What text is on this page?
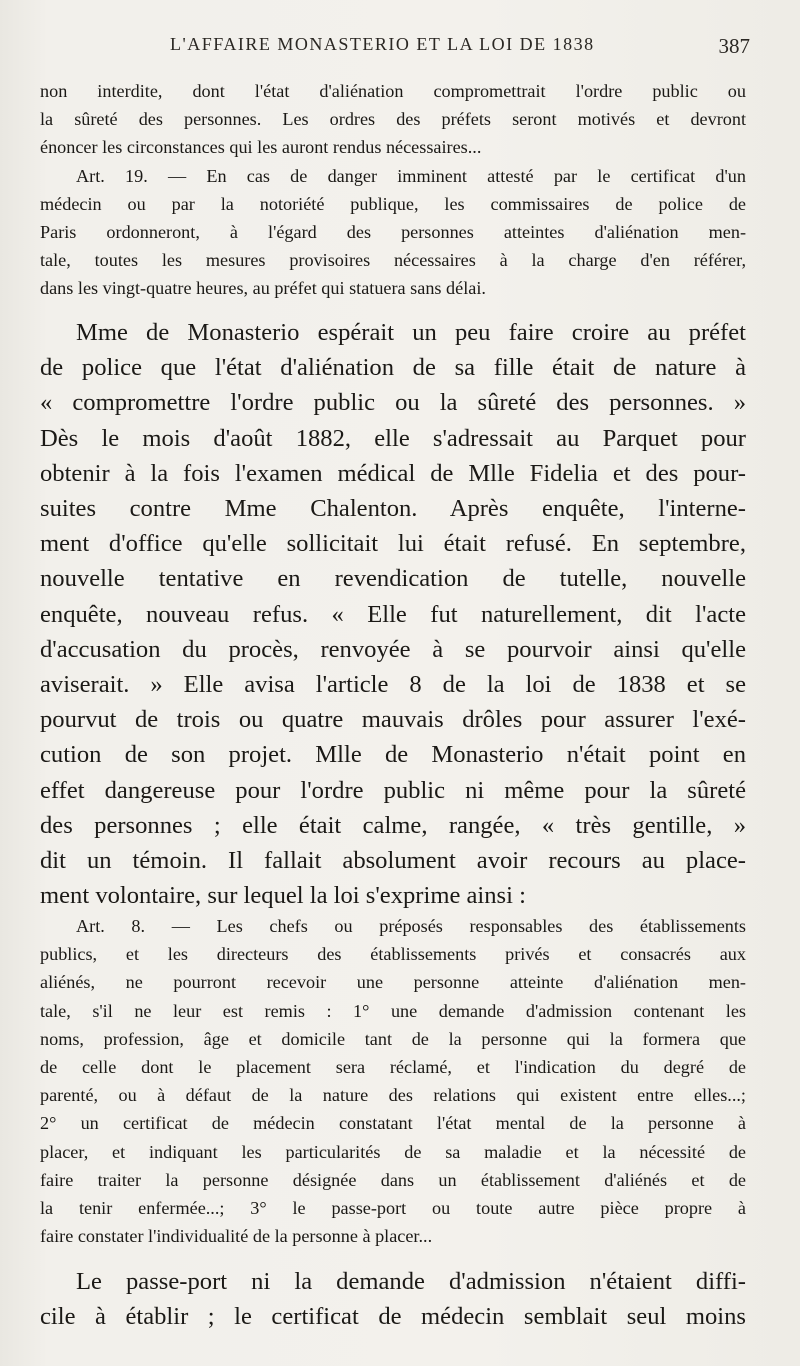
L'AFFAIRE MONASTERIO ET LA LOI DE 1838	387
non interdite, dont l'état d'aliénation compromettrait l'ordre public ou
la sûreté des personnes. Les ordres des préfets seront motivés et devront
énoncer les circonstances qui les auront rendus nécessaires...
Art. 19. — En cas de danger imminent attesté par le certificat d'un
médecin ou par la notoriété publique, les commissaires de police de
Paris ordonneront, à l'égard des personnes atteintes d'aliénation men-
tale, toutes les mesures provisoires nécessaires à la charge d'en référer,
dans les vingt-quatre heures, au préfet qui statuera sans délai.
Mme de Monasterio espérait un peu faire croire au préfet
de police que l'état d'aliénation de sa fille était de nature à
« compromettre l'ordre public ou la sûreté des personnes. »
Dès le mois d'août 1882, elle s'adressait au Parquet pour
obtenir à la fois l'examen médical de Mlle Fidelia et des pour-
suites contre Mme Chalenton. Après enquête, l'interne-
ment d'office qu'elle sollicitait lui était refusé. En septembre,
nouvelle tentative en revendication de tutelle, nouvelle
enquête, nouveau refus. « Elle fut naturellement, dit l'acte
d'accusation du procès, renvoyée à se pourvoir ainsi qu'elle
aviserait. » Elle avisa l'article 8 de la loi de 1838 et se
pourvut de trois ou quatre mauvais drôles pour assurer l'exé-
cution de son projet. Mlle de Monasterio n'était point en
effet dangereuse pour l'ordre public ni même pour la sûreté
des personnes ; elle était calme, rangée, « très gentille, »
dit un témoin. Il fallait absolument avoir recours au place-
ment volontaire, sur lequel la loi s'exprime ainsi :
Art. 8. — Les chefs ou préposés responsables des établissements
publics, et les directeurs des établissements privés et consacrés aux
aliénés, ne pourront recevoir une personne atteinte d'aliénation men-
tale, s'il ne leur est remis : 1° une demande d'admission contenant les
noms, profession, âge et domicile tant de la personne qui la formera que
de celle dont le placement sera réclamé, et l'indication du degré de
parenté, ou à défaut de la nature des relations qui existent entre elles...;
2° un certificat de médecin constatant l'état mental de la personne à
placer, et indiquant les particularités de sa maladie et la nécessité de
faire traiter la personne désignée dans un établissement d'aliénés et de
la tenir enfermée...; 3° le passe-port ou toute autre pièce propre à
faire constater l'individualité de la personne à placer...
Le passe-port ni la demande d'admission n'étaient diffi-
cile à établir ; le certificat de médecin semblait seul moins
